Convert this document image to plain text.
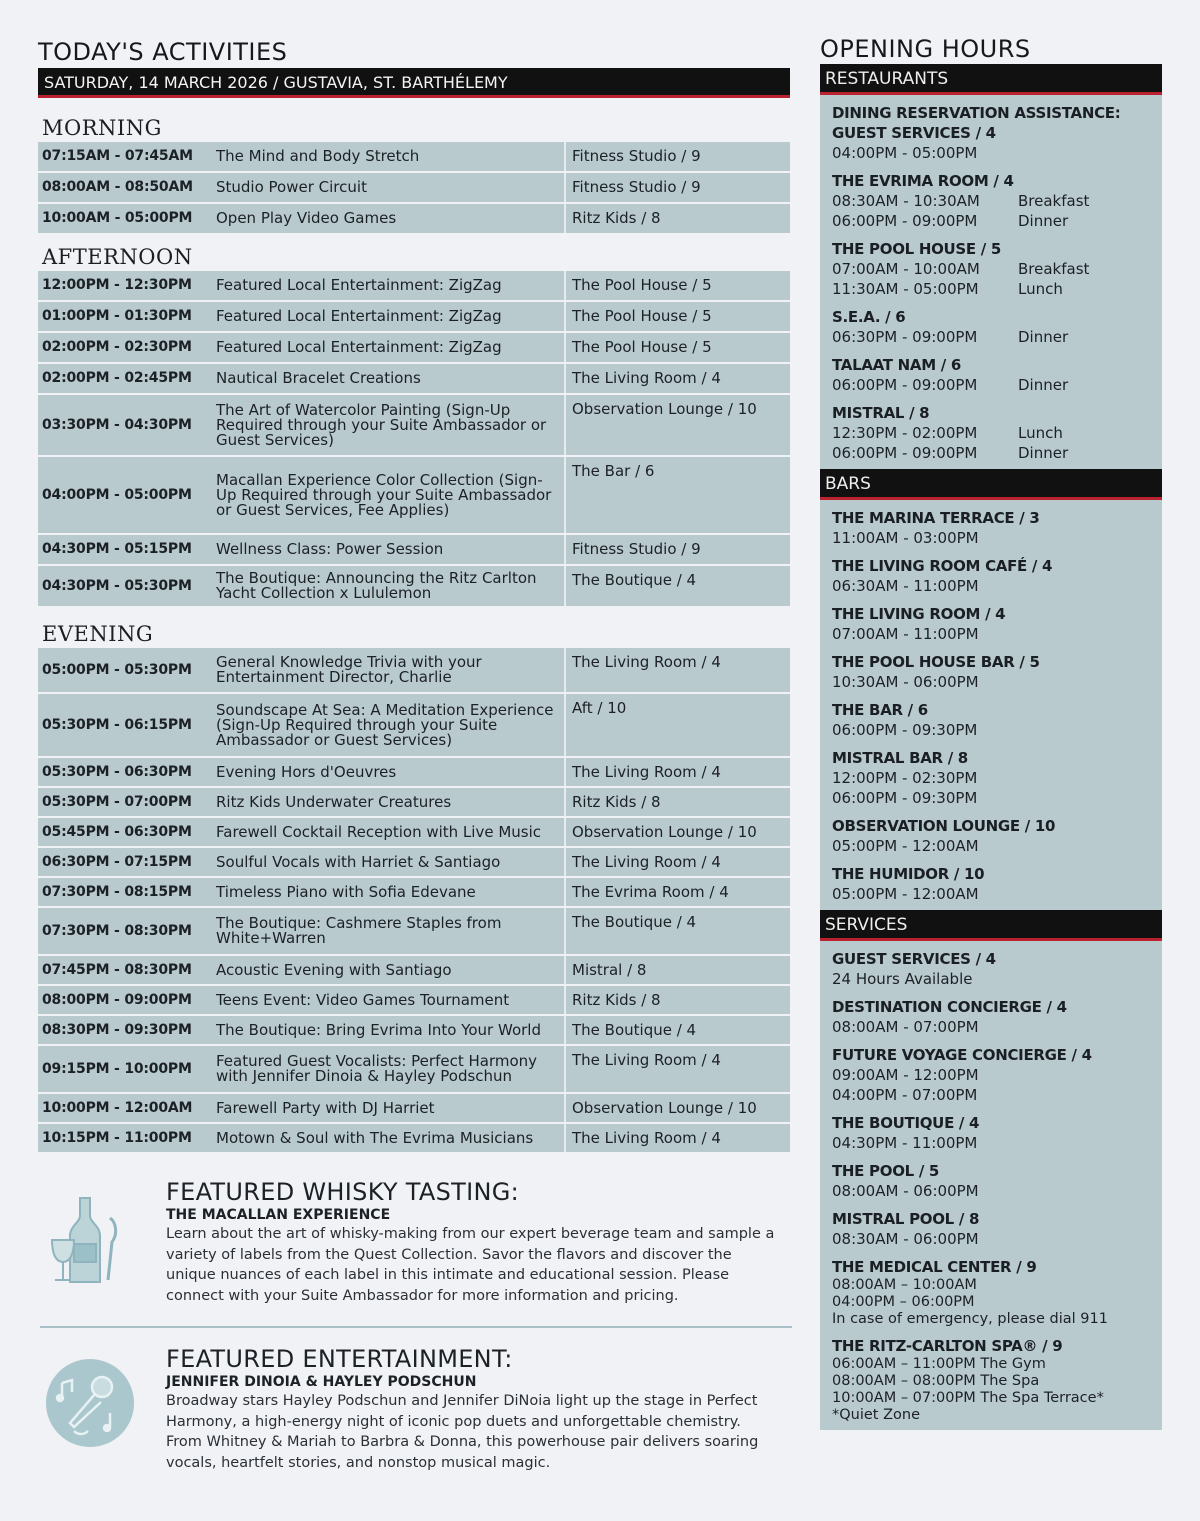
TODAY'S ACTIVITIES
SATURDAY, 14 MARCH 2026 / GUSTAVIA, ST. BARTHÉLEMY
MORNING
07:15AM - 07:45AM	The Mind and Body Stretch	Fitness Studio / 9
08:00AM - 08:50AM	Studio Power Circuit	Fitness Studio / 9
10:00AM - 05:00PM	Open Play Video Games	Ritz Kids / 8
AFTERNOON
12:00PM - 12:30PM	Featured Local Entertainment: ZigZag	The Pool House / 5
01:00PM - 01:30PM	Featured Local Entertainment: ZigZag	The Pool House / 5
02:00PM - 02:30PM	Featured Local Entertainment: ZigZag	The Pool House / 5
02:00PM - 02:45PM	Nautical Bracelet Creations	The Living Room / 4
03:30PM - 04:30PM	The Art of Watercolor Painting (Sign-Up Required through your Suite Ambassador or Guest Services)	Observation Lounge / 10
04:00PM - 05:00PM	Macallan Experience Color Collection (Sign-Up Required through your Suite Ambassador or Guest Services, Fee Applies)	The Bar / 6
04:30PM - 05:15PM	Wellness Class: Power Session	Fitness Studio / 9
04:30PM - 05:30PM	The Boutique: Announcing the Ritz Carlton Yacht Collection x Lululemon	The Boutique / 4
EVENING
05:00PM - 05:30PM	General Knowledge Trivia with your Entertainment Director, Charlie	The Living Room / 4
05:30PM - 06:15PM	Soundscape At Sea: A Meditation Experience (Sign-Up Required through your Suite Ambassador or Guest Services)	Aft / 10
05:30PM - 06:30PM	Evening Hors d'Oeuvres	The Living Room / 4
05:30PM - 07:00PM	Ritz Kids Underwater Creatures	Ritz Kids / 8
05:45PM - 06:30PM	Farewell Cocktail Reception with Live Music	Observation Lounge / 10
06:30PM - 07:15PM	Soulful Vocals with Harriet & Santiago	The Living Room / 4
07:30PM - 08:15PM	Timeless Piano with Sofia Edevane	The Evrima Room / 4
07:30PM - 08:30PM	The Boutique: Cashmere Staples from White+Warren	The Boutique / 4
07:45PM - 08:30PM	Acoustic Evening with Santiago	Mistral / 8
08:00PM - 09:00PM	Teens Event: Video Games Tournament	Ritz Kids / 8
08:30PM - 09:30PM	The Boutique: Bring Evrima Into Your World	The Boutique / 4
09:15PM - 10:00PM	Featured Guest Vocalists: Perfect Harmony with Jennifer Dinoia & Hayley Podschun	The Living Room / 4
10:00PM - 12:00AM	Farewell Party with DJ Harriet	Observation Lounge / 10
10:15PM - 11:00PM	Motown & Soul with The Evrima Musicians	The Living Room / 4
FEATURED WHISKY TASTING:
THE MACALLAN EXPERIENCE
Learn about the art of whisky-making from our expert beverage team and sample a
variety of labels from the Quest Collection. Savor the flavors and discover the
unique nuances of each label in this intimate and educational session. Please
connect with your Suite Ambassador for more information and pricing.
FEATURED ENTERTAINMENT:
JENNIFER DINOIA & HAYLEY PODSCHUN
Broadway stars Hayley Podschun and Jennifer DiNoia light up the stage in Perfect
Harmony, a high-energy night of iconic pop duets and unforgettable chemistry.
From Whitney & Mariah to Barbra & Donna, this powerhouse pair delivers soaring
vocals, heartfelt stories, and nonstop musical magic.
OPENING HOURS
RESTAURANTS
DINING RESERVATION ASSISTANCE:
GUEST SERVICES / 4
04:00PM - 05:00PM
THE EVRIMA ROOM / 4
08:30AM - 10:30AM	Breakfast
06:00PM - 09:00PM	Dinner
THE POOL HOUSE / 5
07:00AM - 10:00AM	Breakfast
11:30AM - 05:00PM	Lunch
S.E.A. / 6
06:30PM - 09:00PM	Dinner
TALAAT NAM / 6
06:00PM - 09:00PM	Dinner
MISTRAL / 8
12:30PM - 02:00PM	Lunch
06:00PM - 09:00PM	Dinner
BARS
THE MARINA TERRACE / 3
11:00AM - 03:00PM
THE LIVING ROOM CAFÉ / 4
06:30AM - 11:00PM
THE LIVING ROOM / 4
07:00AM - 11:00PM
THE POOL HOUSE BAR / 5
10:30AM - 06:00PM
THE BAR / 6
06:00PM - 09:30PM
MISTRAL BAR / 8
12:00PM - 02:30PM
06:00PM - 09:30PM
OBSERVATION LOUNGE / 10
05:00PM - 12:00AM
THE HUMIDOR / 10
05:00PM - 12:00AM
SERVICES
GUEST SERVICES / 4
24 Hours Available
DESTINATION CONCIERGE / 4
08:00AM - 07:00PM
FUTURE VOYAGE CONCIERGE / 4
09:00AM - 12:00PM
04:00PM - 07:00PM
THE BOUTIQUE / 4
04:30PM - 11:00PM
THE POOL / 5
08:00AM - 06:00PM
MISTRAL POOL / 8
08:30AM - 06:00PM
THE MEDICAL CENTER / 9
08:00AM – 10:00AM
04:00PM – 06:00PM
In case of emergency, please dial 911
THE RITZ-CARLTON SPA® / 9
06:00AM – 11:00PM The Gym
08:00AM – 08:00PM The Spa
10:00AM – 07:00PM The Spa Terrace*
*Quiet Zone
